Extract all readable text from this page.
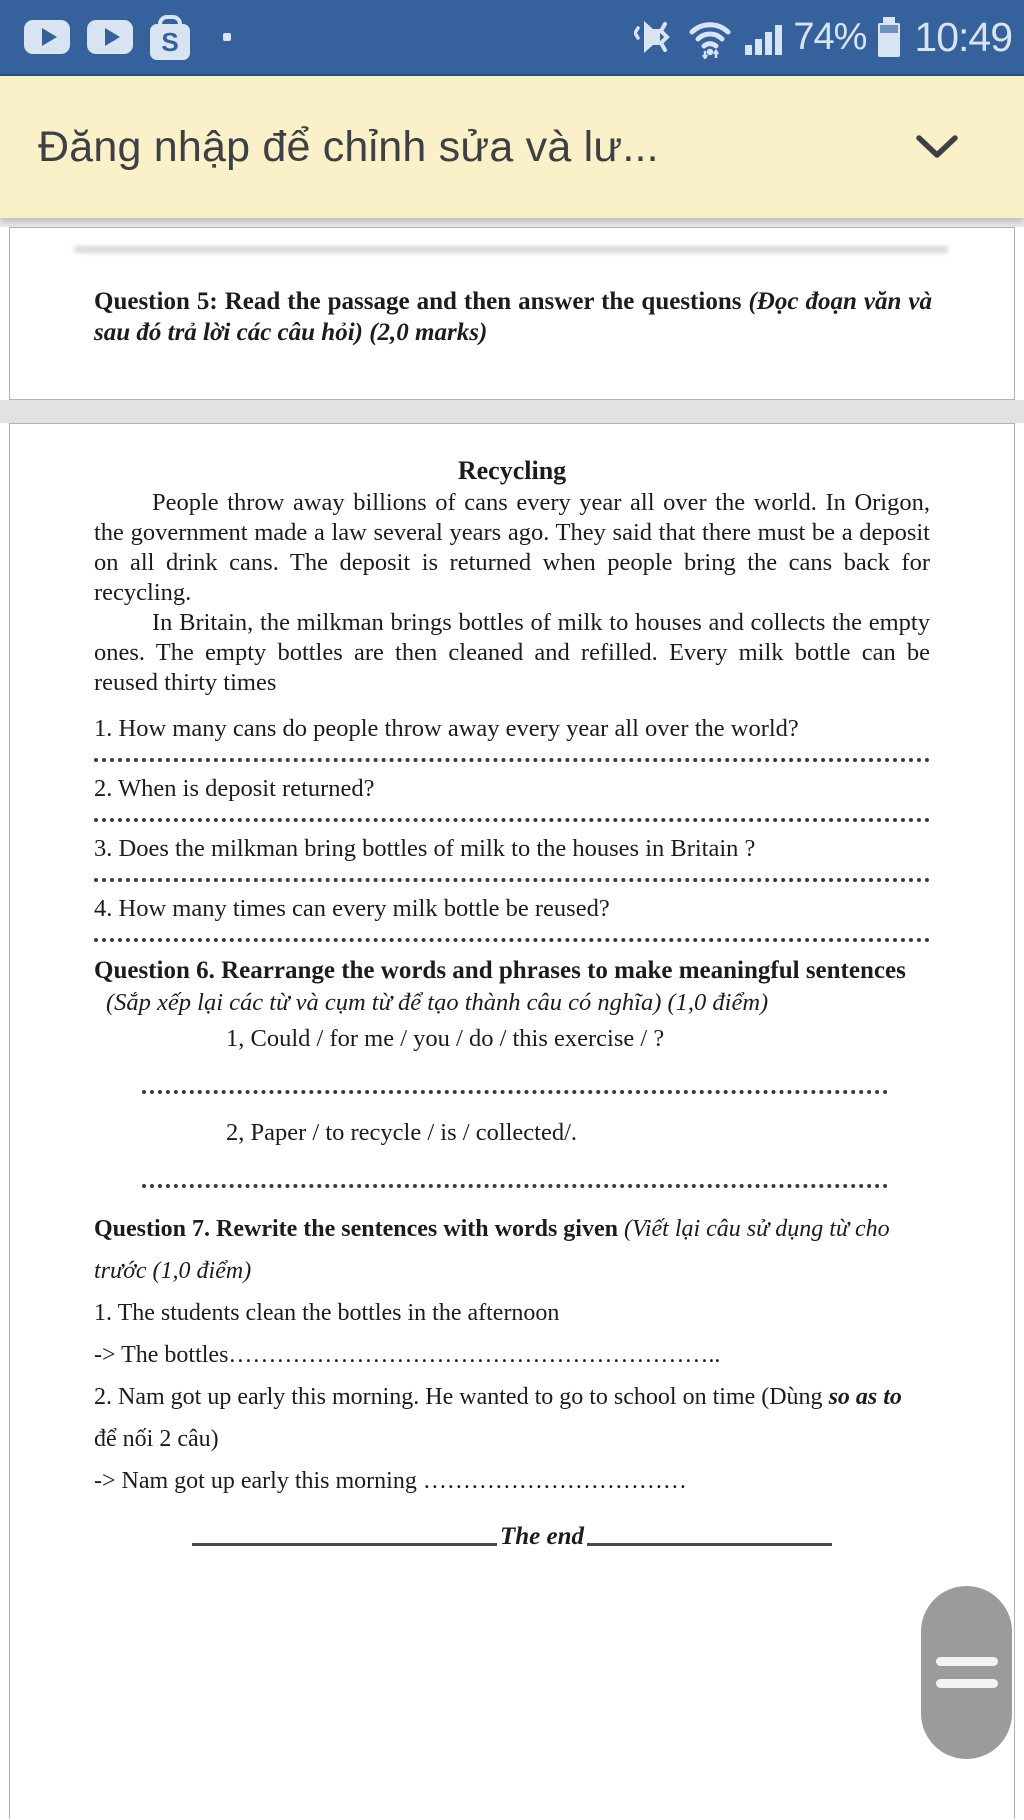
S	74% 10:49
Đăng nhập để chỉnh sửa và lư...

Question 5: Read the passage and then answer the questions (Đọc đoạn văn và sau đó trả lời các câu hỏi) (2,0 marks)

Recycling

People throw away billions of cans every year all over the world. In Origon, the government made a law several years ago. They said that there must be a deposit on all drink cans. The deposit is returned when people bring the cans back for recycling.

In Britain, the milkman brings bottles of milk to houses and collects the empty ones. The empty bottles are then cleaned and refilled. Every milk bottle can be reused thirty times

1. How many cans do people throw away every year all over the world?

2. When is deposit returned?

3. Does the milkman bring bottles of milk to the houses in Britain ?

4. How many times can every milk bottle be reused?

Question 6. Rearrange the words and phrases to make meaningful sentences

(Sắp xếp lại các từ và cụm từ để tạo thành câu có nghĩa) (1,0 điểm)

1, Could / for me / you / do / this exercise / ?

2, Paper / to recycle / is / collected/.

Question 7. Rewrite the sentences with words given (Viết lại câu sử dụng từ cho trước (1,0 điểm)

1. The students clean the bottles in the afternoon

-> The bottles……………………………………………………..

2. Nam got up early this morning. He wanted to go to school on time (Dùng so as to để nối 2 câu)

-> Nam got up early this morning ……………………………

The end
